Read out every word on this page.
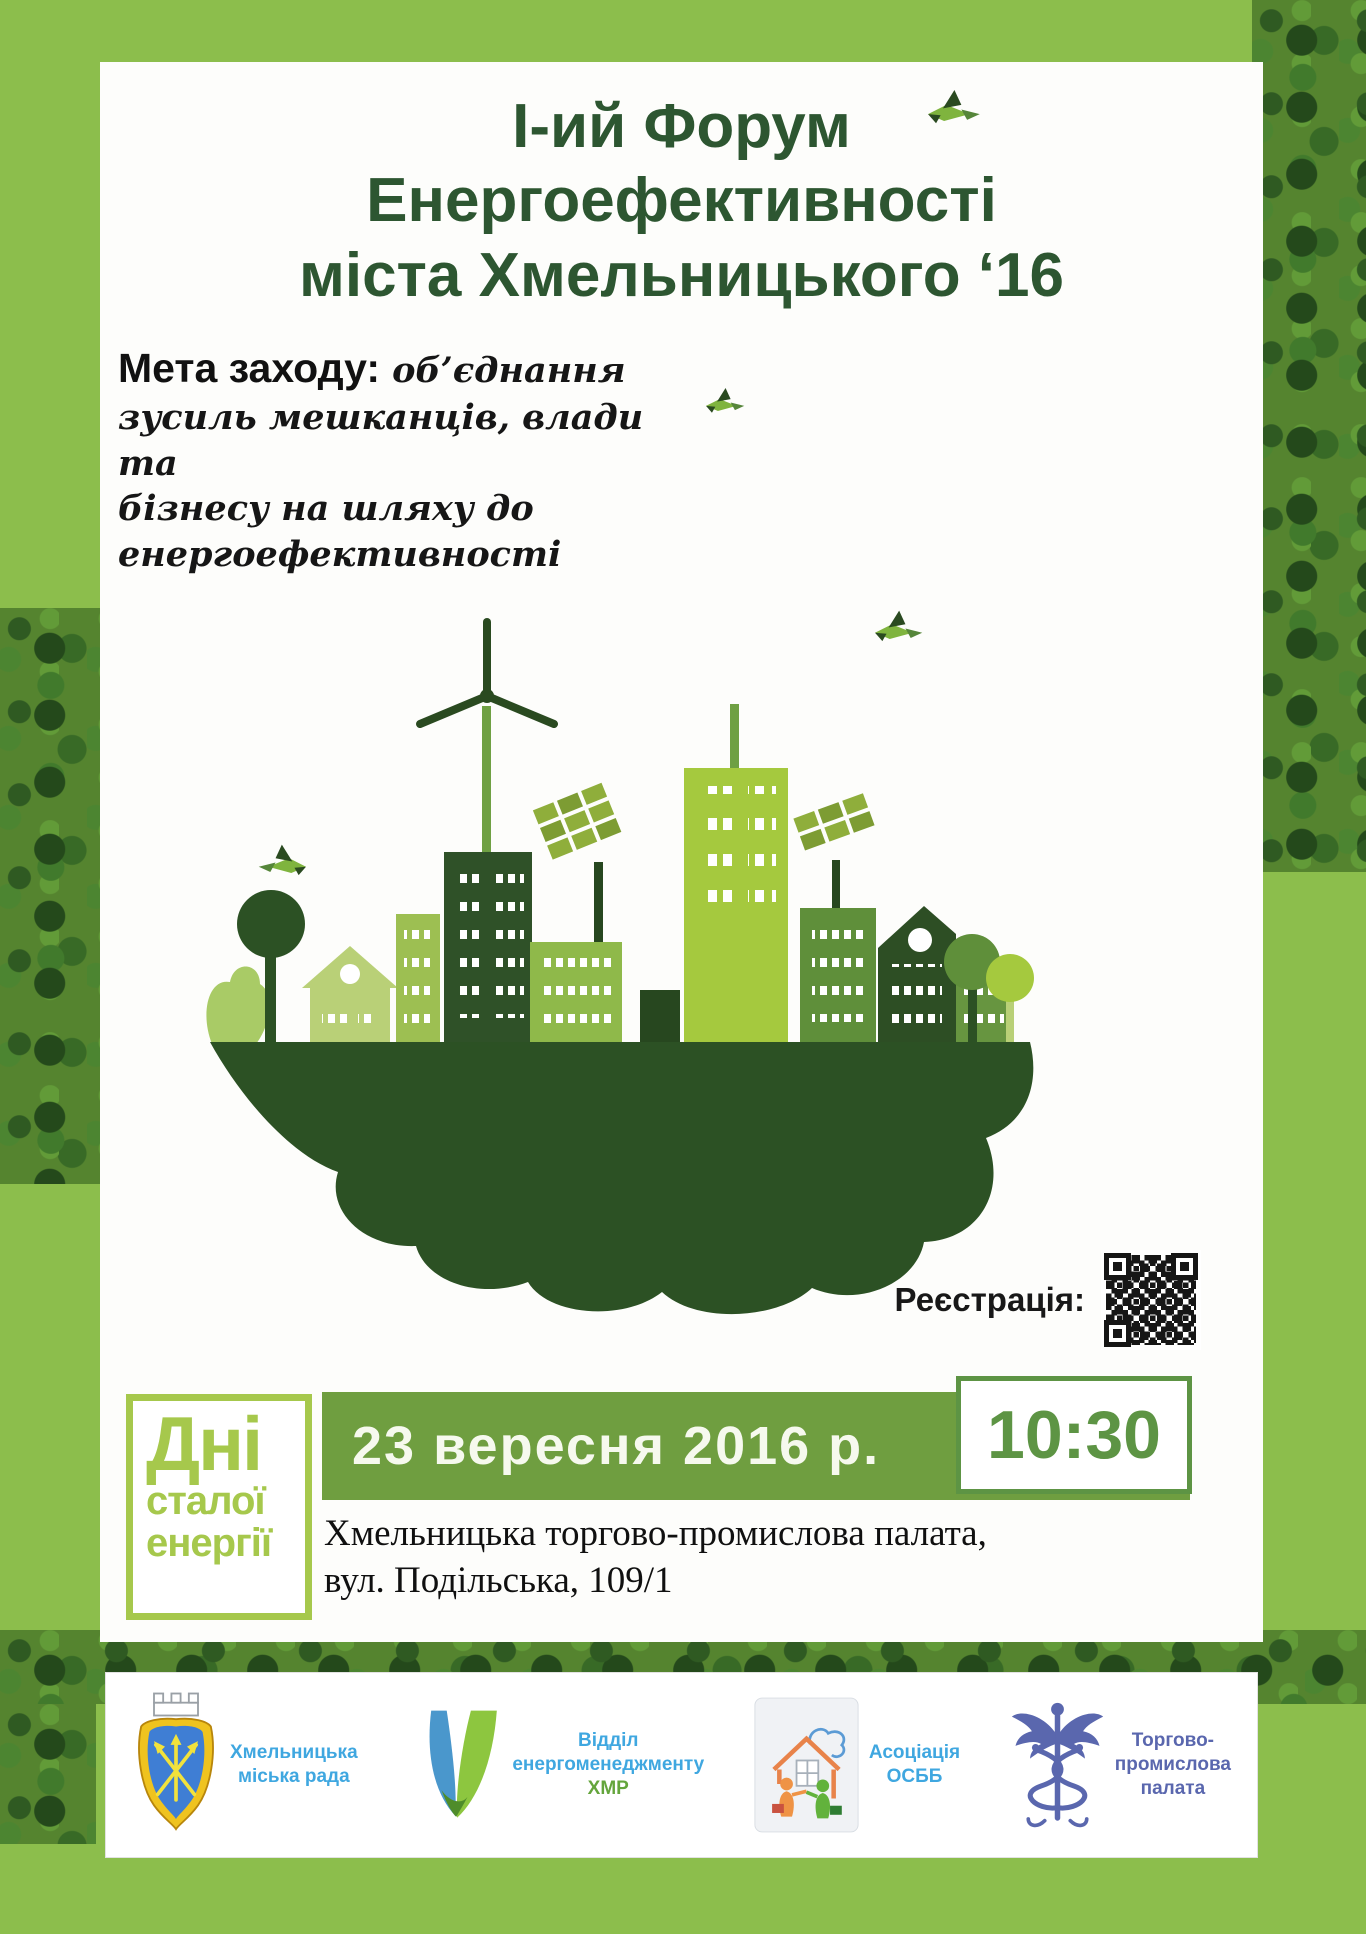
І-ий Форум
Енергоефективності
міста Хмельницького ‘16
Мета заходу: об’єднання
зусиль мешканців, влади та
бізнесу на шляху до
енергоефективності
Реєстрація:
Дні
сталої
енергії
23 вересня 2016 р.	10:30
Хмельницька торгово-промислова палата,
вул. Подільська, 109/1
Хмельницька
міська рада
Відділ
енергоменеджменту
ХМР
Асоціація
ОСББ
Торгово-
промислова
палата
